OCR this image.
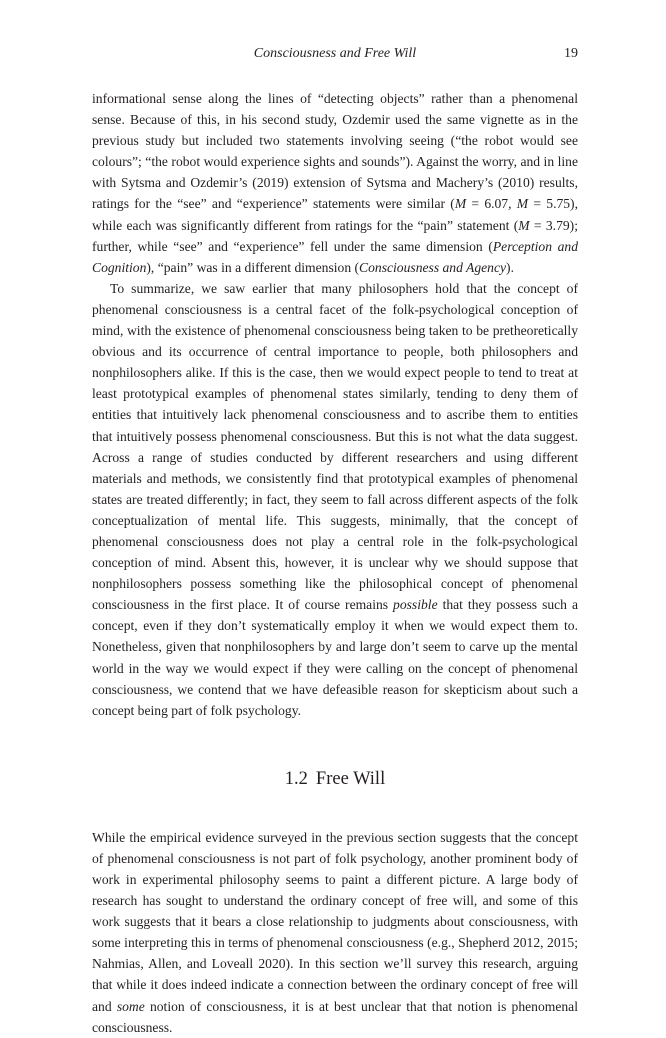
Consciousness and Free Will	19

informational sense along the lines of “detecting objects” rather than a phenomenal sense. Because of this, in his second study, Ozdemir used the same vignette as in the previous study but included two statements involving seeing (“the robot would see colours”; “the robot would experience sights and sounds”). Against the worry, and in line with Sytsma and Ozdemir’s (2019) extension of Sytsma and Machery’s (2010) results, ratings for the “see” and “experience” statements were similar (M = 6.07, M = 5.75), while each was significantly different from ratings for the “pain” statement (M = 3.79); further, while “see” and “experience” fell under the same dimension (Perception and Cognition), “pain” was in a different dimension (Consciousness and Agency).

To summarize, we saw earlier that many philosophers hold that the concept of phenomenal consciousness is a central facet of the folk-psychological conception of mind, with the existence of phenomenal consciousness being taken to be pretheoretically obvious and its occurrence of central importance to people, both philosophers and nonphilosophers alike. If this is the case, then we would expect people to tend to treat at least prototypical examples of phenomenal states similarly, tending to deny them of entities that intuitively lack phenomenal consciousness and to ascribe them to entities that intuitively possess phenomenal consciousness. But this is not what the data suggest. Across a range of studies conducted by different researchers and using different materials and methods, we consistently find that prototypical examples of phenomenal states are treated differently; in fact, they seem to fall across different aspects of the folk conceptualization of mental life. This suggests, minimally, that the concept of phenomenal consciousness does not play a central role in the folk-psychological conception of mind. Absent this, however, it is unclear why we should suppose that nonphilosophers possess something like the philosophical concept of phenomenal consciousness in the first place. It of course remains possible that they possess such a concept, even if they don’t systematically employ it when we would expect them to. Nonetheless, given that nonphilosophers by and large don’t seem to carve up the mental world in the way we would expect if they were calling on the concept of phenomenal consciousness, we contend that we have defeasible reason for skepticism about such a concept being part of folk psychology.

1.2 Free Will

While the empirical evidence surveyed in the previous section suggests that the concept of phenomenal consciousness is not part of folk psychology, another prominent body of work in experimental philosophy seems to paint a different picture. A large body of research has sought to understand the ordinary concept of free will, and some of this work suggests that it bears a close relationship to judgments about consciousness, with some interpreting this in terms of phenomenal consciousness (e.g., Shepherd 2012, 2015; Nahmias, Allen, and Loveall 2020). In this section we’ll survey this research, arguing that while it does indeed indicate a connection between the ordinary concept of free will and some notion of consciousness, it is at best unclear that that notion is phenomenal consciousness.
